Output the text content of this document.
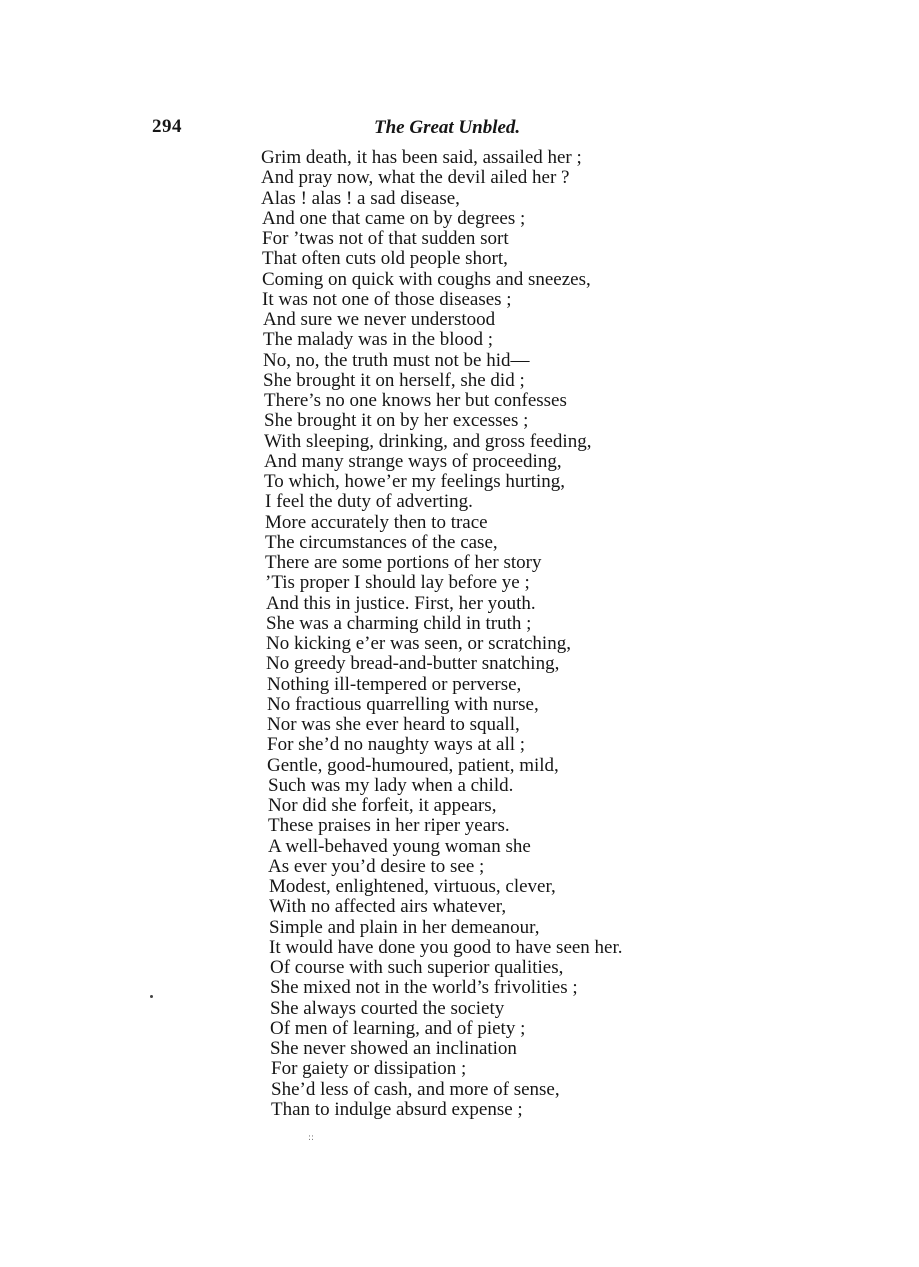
294	The Great Unbled.
Grim death, it has been said, assailed her ;
And pray now, what the devil ailed her ?
Alas ! alas ! a sad disease,
And one that came on by degrees ;
For ’twas not of that sudden sort
That often cuts old people short,
Coming on quick with coughs and sneezes,
It was not one of those diseases ;
And sure we never understood
The malady was in the blood ;
No, no, the truth must not be hid—
She brought it on herself, she did ;
There’s no one knows her but confesses
She brought it on by her excesses ;
With sleeping, drinking, and gross feeding,
And many strange ways of proceeding,
To which, howe’er my feelings hurting,
I feel the duty of adverting.
More accurately then to trace
The circumstances of the case,
There are some portions of her story
’Tis proper I should lay before ye ;
And this in justice. First, her youth.
She was a charming child in truth ;
No kicking e’er was seen, or scratching,
No greedy bread-and-butter snatching,
Nothing ill-tempered or perverse,
No fractious quarrelling with nurse,
Nor was she ever heard to squall,
For she’d no naughty ways at all ;
Gentle, good-humoured, patient, mild,
Such was my lady when a child.
Nor did she forfeit, it appears,
These praises in her riper years.
A well-behaved young woman she
As ever you’d desire to see ;
Modest, enlightened, virtuous, clever,
With no affected airs whatever,
Simple and plain in her demeanour,
It would have done you good to have seen her.
Of course with such superior qualities,
She mixed not in the world’s frivolities ;
She always courted the society
Of men of learning, and of piety ;
She never showed an inclination
For gaiety or dissipation ;
She’d less of cash, and more of sense,
Than to indulge absurd expense ;
:​:
